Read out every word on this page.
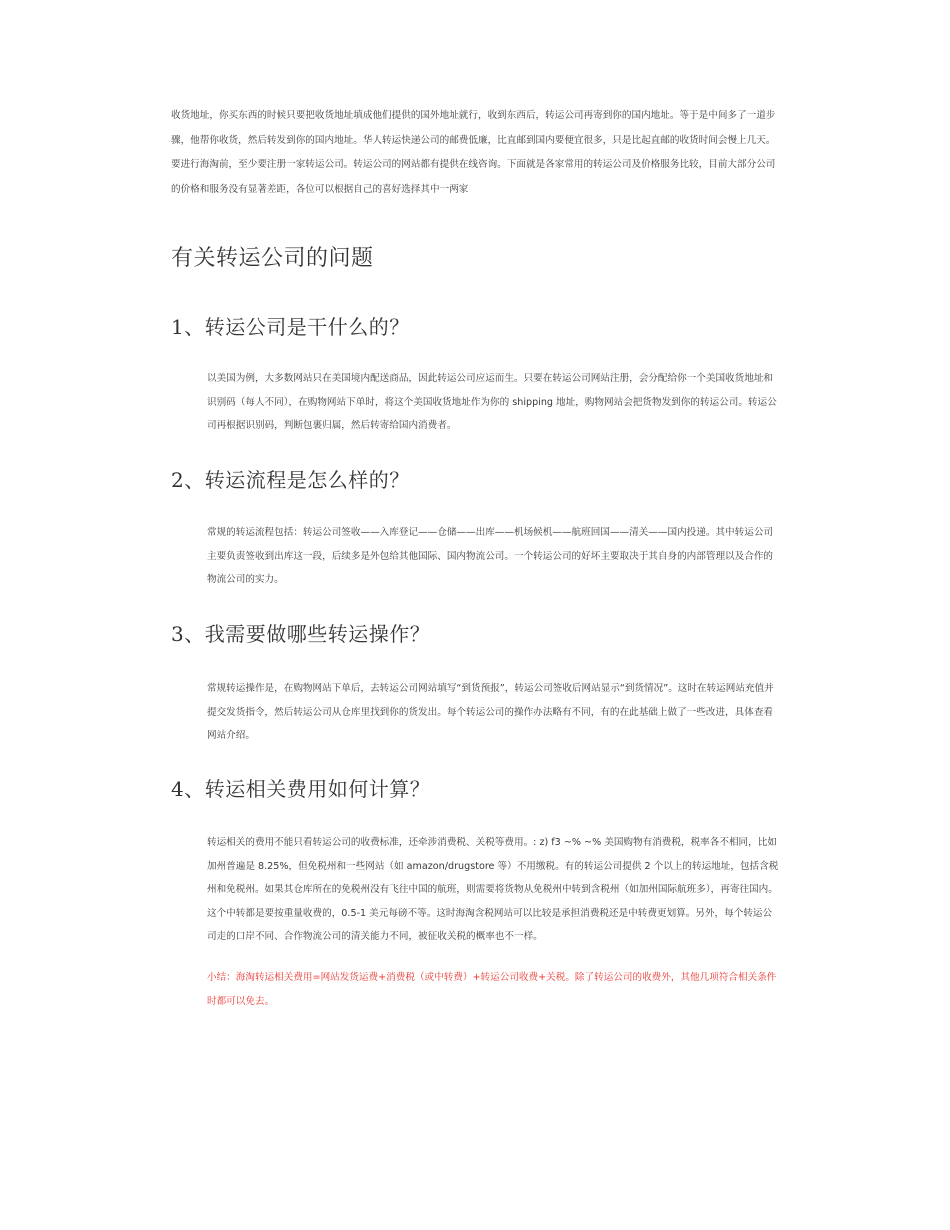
收货地址，你买东西的时候只要把收货地址填成他们提供的国外地址就行，收到东西后，转运公司再寄到你的国内地址。等于是中间多了一道步骤，他帮你收货，然后转发到你的国内地址。华人转运快递公司的邮费低廉，比直邮到国内要便宜很多，只是比起直邮的收货时间会慢上几天。要进行海淘前，至少要注册一家转运公司。转运公司的网站都有提供在线咨询。下面就是各家常用的转运公司及价格服务比较，目前大部分公司的价格和服务没有显著差距，各位可以根据自己的喜好选择其中一两家

有关转运公司的问题
1、转运公司是干什么的？

以美国为例，大多数网站只在美国境内配送商品，因此转运公司应运而生。只要在转运公司网站注册，会分配给你一个美国收货地址和识别码（每人不同），在购物网站下单时，将这个美国收货地址作为你的 shipping 地址，购物网站会把货物发到你的转运公司。转运公司再根据识别码，判断包裹归属，然后转寄给国内消费者。

2、转运流程是怎么样的？

常规的转运流程包括：转运公司签收——入库登记——仓储——出库——机场候机——航班回国——清关——国内投递。其中转运公司主要负责签收到出库这一段，后续多是外包给其他国际、国内物流公司。一个转运公司的好坏主要取决于其自身的内部管理以及合作的物流公司的实力。

3、我需要做哪些转运操作？

常规转运操作是，在购物网站下单后，去转运公司网站填写“到货预报”，转运公司签收后网站显示“到货情况”。这时在转运网站充值并提交发货指令，然后转运公司从仓库里找到你的货发出。每个转运公司的操作办法略有不同，有的在此基础上做了一些改进，具体查看网站介绍。

4、转运相关费用如何计算？

转运相关的费用不能只看转运公司的收费标准，还牵涉消费税、关税等费用。: z) f3 ~% ~% 美国购物有消费税，税率各不相同，比如加州普遍是 8.25%，但免税州和一些网站（如 amazon/drugstore 等）不用缴税。有的转运公司提供 2 个以上的转运地址，包括含税州和免税州。如果其仓库所在的免税州没有飞往中国的航班，则需要将货物从免税州中转到含税州（如加州国际航班多），再寄往国内。这个中转都是要按重量收费的，0.5-1 美元每磅不等。这时海淘含税网站可以比较是承担消费税还是中转费更划算。另外，每个转运公司走的口岸不同、合作物流公司的清关能力不同，被征收关税的概率也不一样。

小结：海淘转运相关费用=网站发货运费+消费税（或中转费）+转运公司收费+关税。除了转运公司的收费外，其他几项符合相关条件时都可以免去。
